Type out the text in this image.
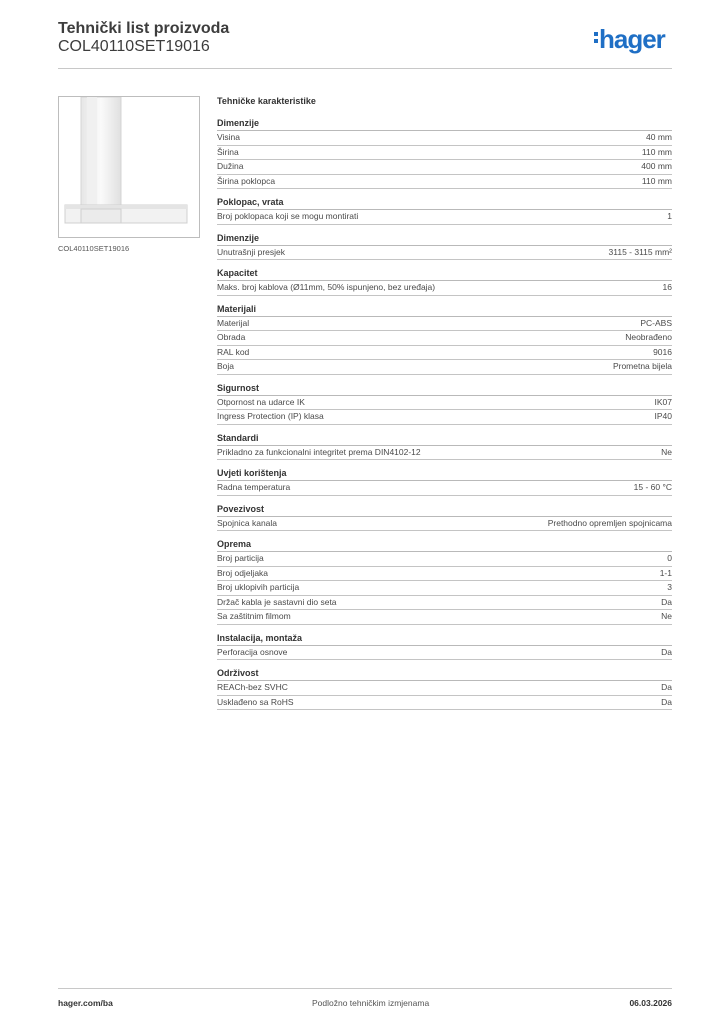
Tehnički list proizvoda
COL40110SET19016	hager
COL40110SET19016
Tehničke karakteristike
Dimenzije
Visina	40 mm
Širina	110 mm
Dužina	400 mm
Širina poklopca	110 mm
Poklopac, vrata
Broj poklopaca koji se mogu montirati	1
Dimenzije
Unutrašnji presjek	3115 - 3115 mm²
Kapacitet
Maks. broj kablova (Ø11mm, 50% ispunjeno, bez uređaja)	16
Materijali
Materijal	PC-ABS
Obrada	Neobrađeno
RAL kod	9016
Boja	Prometna bijela
Sigurnost
Otpornost na udarce IK	IK07
Ingress Protection (IP) klasa	IP40
Standardi
Prikladno za funkcionalni integritet prema DIN4102-12	Ne
Uvjeti korištenja
Radna temperatura	15 - 60 °C
Povezivost
Spojnica kanala	Prethodno opremljen spojnicama
Oprema
Broj particija	0
Broj odjeljaka	1-1
Broj uklopivih particija	3
Držač kabla je sastavni dio seta	Da
Sa zaštitnim filmom	Ne
Instalacija, montaža
Perforacija osnove	Da
Održivost
REACh-bez SVHC	Da
Usklađeno sa RoHS	Da
hager.com/ba	Podložno tehničkim izmjenama	06.03.2026
